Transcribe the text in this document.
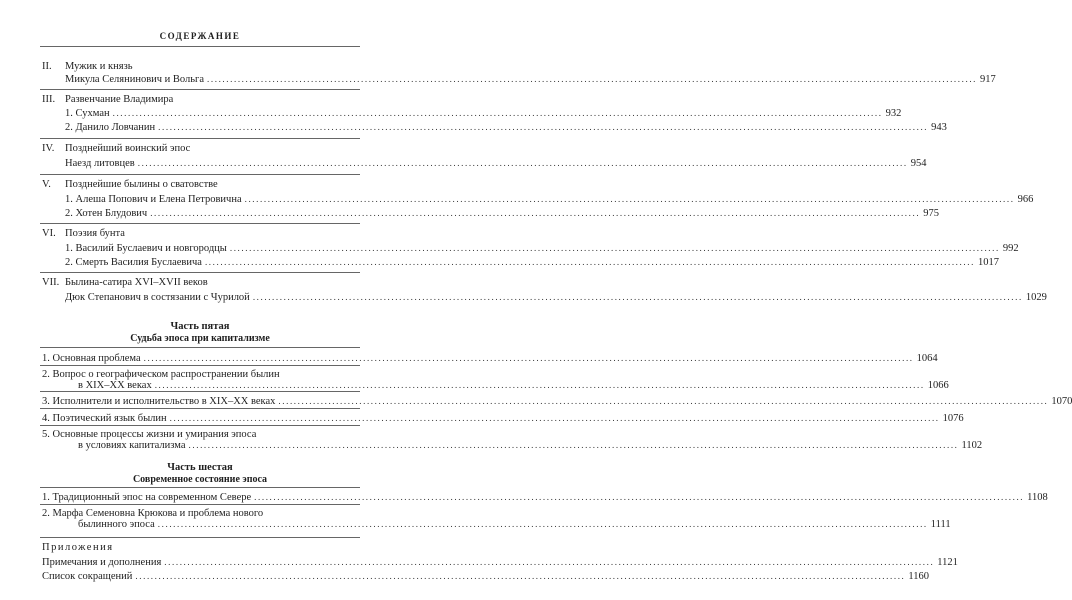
СОДЕРЖАНИЕ
II. Мужик и князь
Микула Селянинович и Вольга ........................................................................................................................................................................................................ 917
III. Развенчание Владимира
1. Сухман ........................................................................................................................................................................................................ 932
2. Данило Ловчанин ........................................................................................................................................................................................................ 943
IV. Позднейший воинский эпос
Наезд литовцев ........................................................................................................................................................................................................ 954
V. Позднейшие былины о сватовстве
1. Алеша Попович и Елена Петровична ........................................................................................................................................................................................................ 966
2. Хотен Блудович ........................................................................................................................................................................................................ 975
VI. Поэзия бунта
1. Василий Буслаевич и новгородцы ........................................................................................................................................................................................................ 992
2. Смерть Василия Буслаевича ........................................................................................................................................................................................................ 1017
VII. Былина-сатира XVI–XVII веков
Дюк Степанович в состязании с Чурилой ........................................................................................................................................................................................................ 1029
Часть пятая
Судьба эпоса при капитализме
1. Основная проблема ........................................................................................................................................................................................................ 1064
2. Вопрос о географическом распространении былин
в XIX–XX веках ........................................................................................................................................................................................................ 1066
3. Исполнители и исполнительство в XIX–XX веках ........................................................................................................................................................................................................ 1070
4. Поэтический язык былин ........................................................................................................................................................................................................ 1076
5. Основные процессы жизни и умирания эпоса
в условиях капитализма ........................................................................................................................................................................................................ 1102
Часть шестая
Современное состояние эпоса
1. Традиционный эпос на современном Севере ........................................................................................................................................................................................................ 1108
2. Марфа Семеновна Крюкова и проблема нового
былинного эпоса ........................................................................................................................................................................................................ 1111
Приложения
Примечания и дополнения ........................................................................................................................................................................................................ 1121
Список сокращений ........................................................................................................................................................................................................ 1160
